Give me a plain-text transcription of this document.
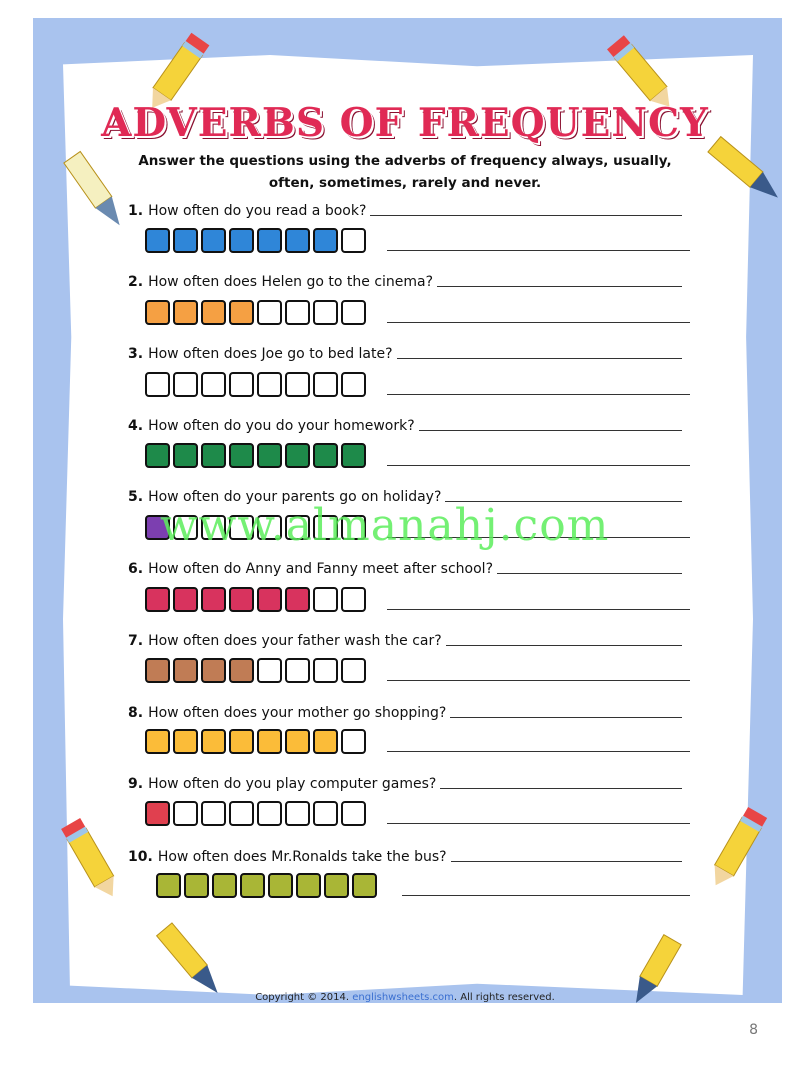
ADVERBS OF FREQUENCY
Answer the questions using the adverbs of frequency always, usually, often, sometimes, rarely and never.
1. How often do you read a book?
2. How often does Helen go to the cinema?
3. How often does Joe go to bed late?
4. How often do you do your homework?
5. How often do your parents go on holiday?
6. How often do Anny and Fanny meet after school?
7. How often does your father wash the car?
8. How often does your mother go shopping?
9. How often do you play computer games?
10. How often does Mr.Ronalds take the bus?
www.almanahj.com
Copyright © 2014. englishwsheets.com. All rights reserved.
8
